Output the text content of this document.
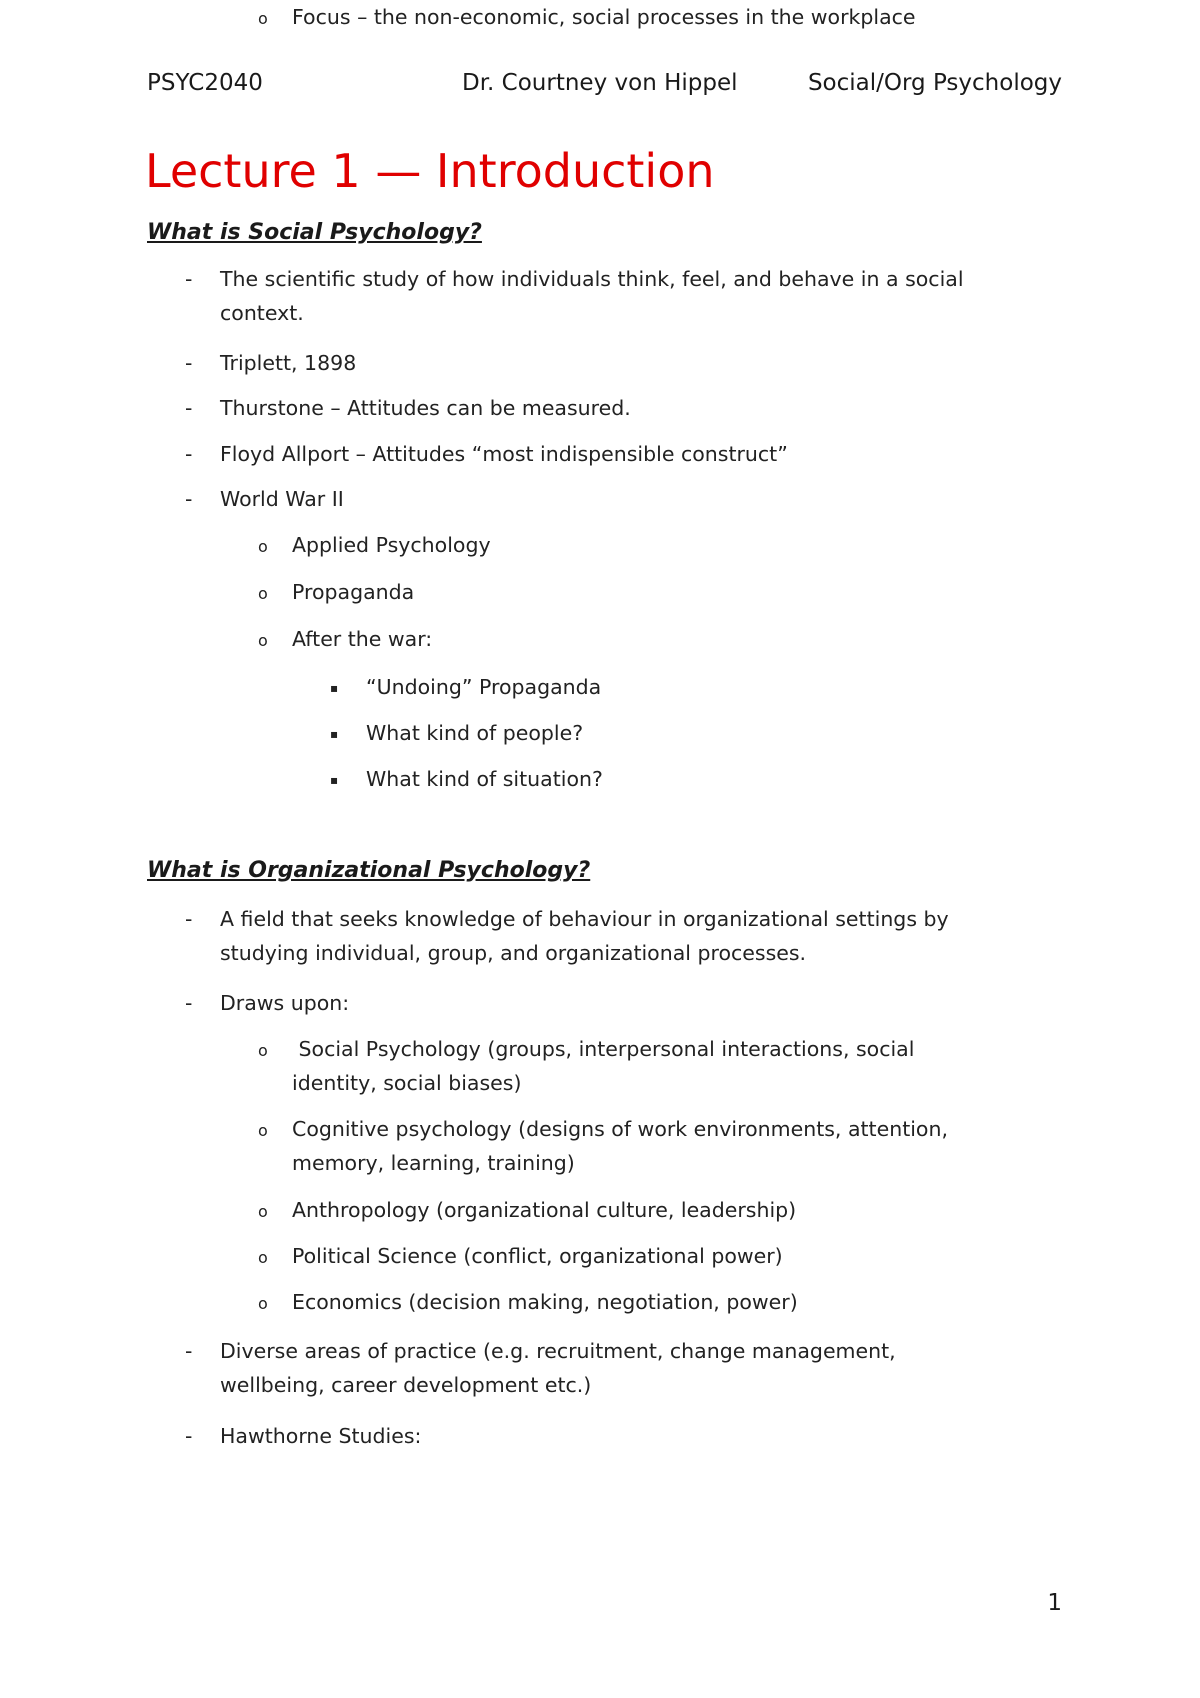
PSYC2040	Dr. Courtney von Hippel	Social/Org Psychology
Lecture 1 — Introduction
What is Social Psychology?
- The scientific study of how individuals think, feel, and behave in a social
context.
- Triplett, 1898
- Thurstone – Attitudes can be measured.
- Floyd Allport – Attitudes “most indispensible construct”
- World War II
o Applied Psychology
o Propaganda
o After the war:
▪ “Undoing” Propaganda
▪ What kind of people?
▪ What kind of situation?
What is Organizational Psychology?
- A field that seeks knowledge of behaviour in organizational settings by
studying individual, group, and organizational processes.
- Draws upon:
o Social Psychology (groups, interpersonal interactions, social
identity, social biases)
o Cognitive psychology (designs of work environments, attention,
memory, learning, training)
o Anthropology (organizational culture, leadership)
o Political Science (conflict, organizational power)
o Economics (decision making, negotiation, power)
- Diverse areas of practice (e.g. recruitment, change management,
wellbeing, career development etc.)
- Hawthorne Studies:
o Focus – the non-economic, social processes in the workplace
1
